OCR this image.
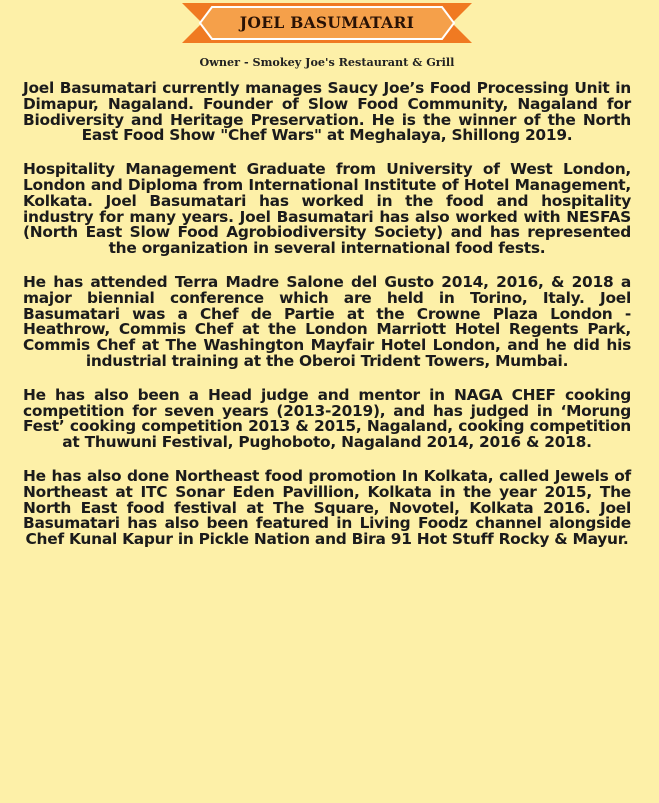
JOEL BASUMATARI
Owner - Smokey Joe's Restaurant & Grill

Joel Basumatari currently manages Saucy Joe’s Food Processing Unit in Dimapur, Nagaland. Founder of Slow Food Community, Nagaland for Biodiversity and Heritage Preservation. He is the winner of the North East Food Show "Chef Wars" at Meghalaya, Shillong 2019.

Hospitality Management Graduate from University of West London, London and Diploma from International Institute of Hotel Management, Kolkata. Joel Basumatari has worked in the food and hospitality industry for many years. Joel Basumatari has also worked with NESFAS (North East Slow Food Agrobiodiversity Society) and has represented the organization in several international food fests.

He has attended Terra Madre Salone del Gusto 2014, 2016, & 2018 a major biennial conference which are held in Torino, Italy. Joel Basumatari was a Chef de Partie at the Crowne Plaza London - Heathrow, Commis Chef at the London Marriott Hotel Regents Park, Commis Chef at The Washington Mayfair Hotel London, and he did his industrial training at the Oberoi Trident Towers, Mumbai.

He has also been a Head judge and mentor in NAGA CHEF cooking competition for seven years (2013-2019), and has judged in ‘Morung Fest’ cooking competition 2013 & 2015, Nagaland, cooking competition at Thuwuni Festival, Pughoboto, Nagaland 2014, 2016 & 2018.

He has also done Northeast food promotion In Kolkata, called Jewels of Northeast at ITC Sonar Eden Pavillion, Kolkata in the year 2015, The North East food festival at The Square, Novotel, Kolkata 2016. Joel Basumatari has also been featured in Living Foodz channel alongside Chef Kunal Kapur in Pickle Nation and Bira 91 Hot Stuff Rocky & Mayur.
